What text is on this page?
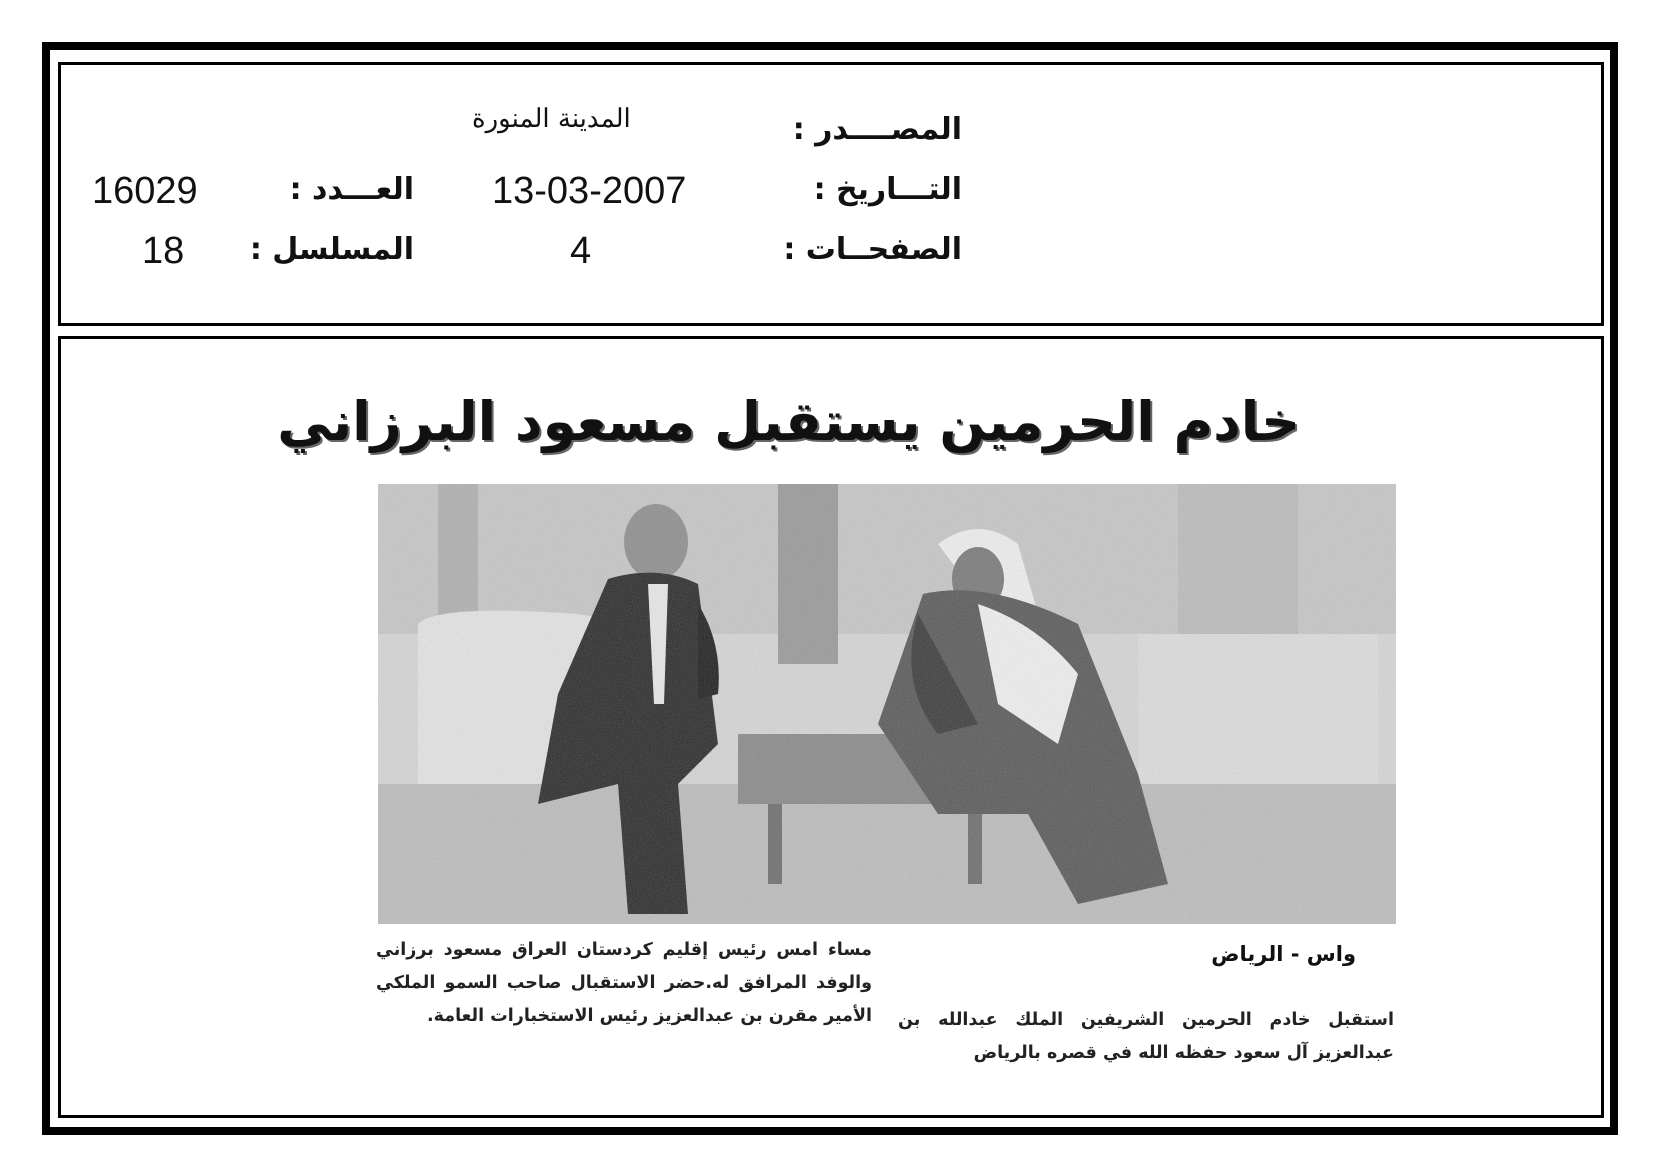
المصــــدر :
التـــاريخ :
الصفحــات :
المدينة المنورة
13-03-2007
4
العـــدد :
المسلسل :
16029
18
خادم الحرمين يستقبل مسعود البرزاني
واس - الرياض
استقبل خادم الحرمين الشريفين الملك عبدالله بن عبدالعزيز آل سعود حفظه الله في قصره بالرياض
مساء امس رئيس إقليم كردستان العراق مسعود برزاني والوفد المرافق له.حضر الاستقبال صاحب السمو الملكي الأمير مقرن بن عبدالعزيز رئيس الاستخبارات العامة.
